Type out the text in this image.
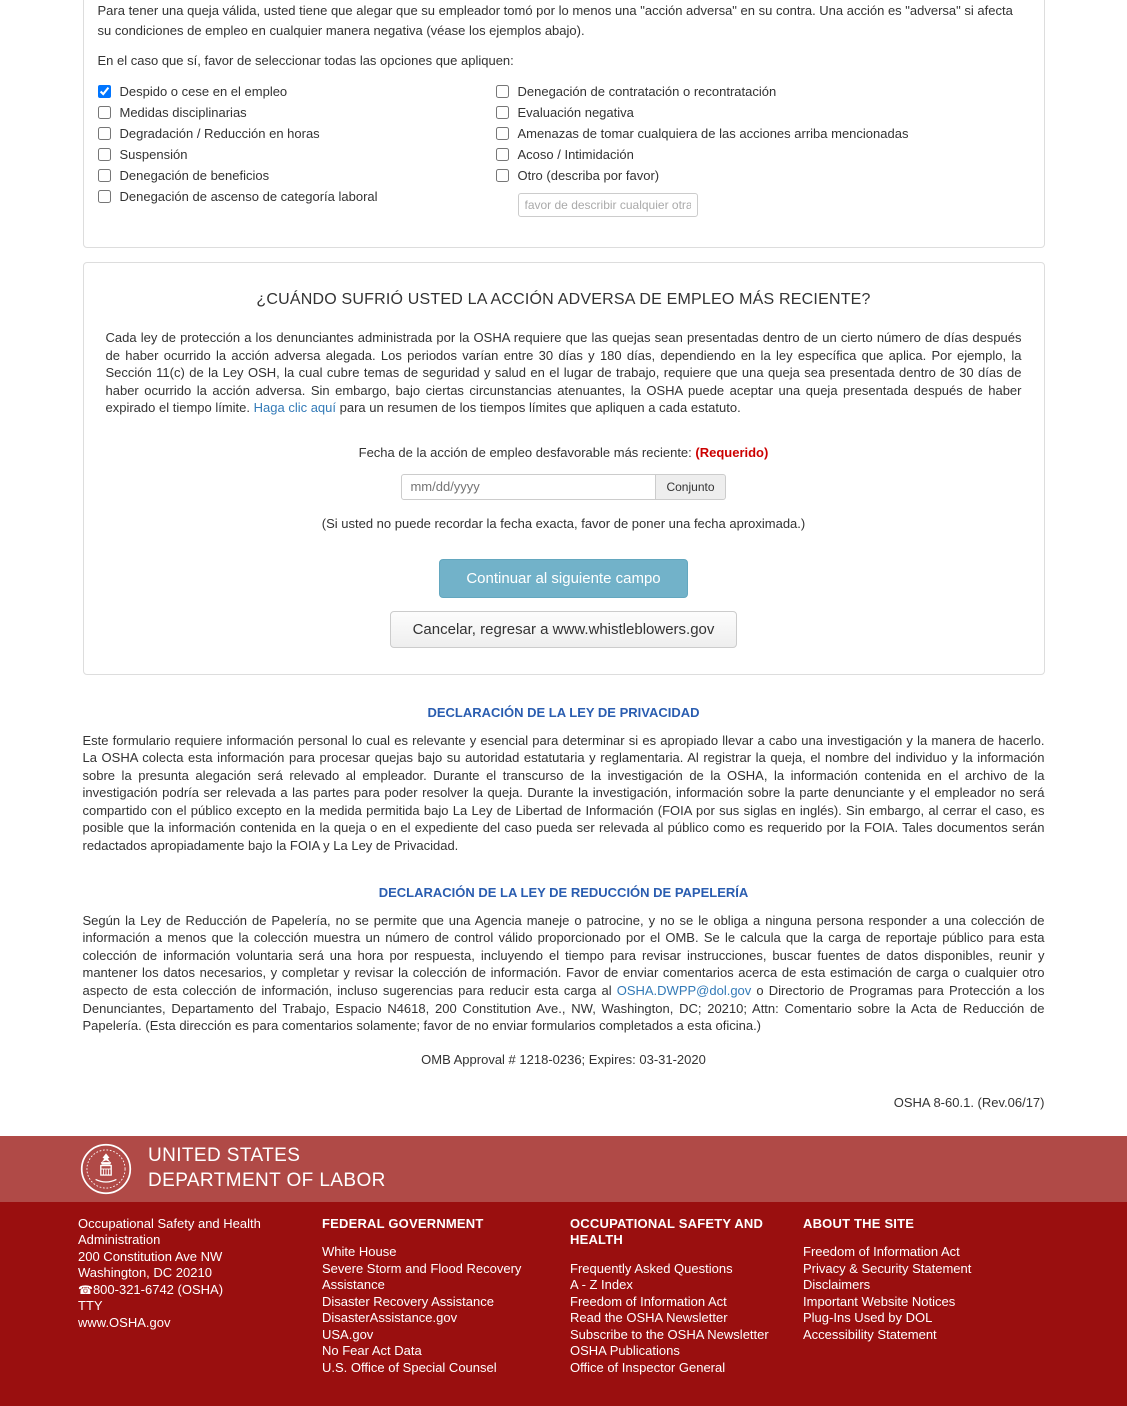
Para tener una queja válida, usted tiene que alegar que su empleador tomó por lo menos una "acción adversa" en su contra. Una acción es "adversa" si afecta su condiciones de empleo en cualquier manera negativa (véase los ejemplos abajo).

En el caso que sí, favor de seleccionar todas las opciones que apliquen:

Despido o cese en el empleo
Medidas disciplinarias
Degradación / Reducción en horas
Suspensión
Denegación de beneficios
Denegación de ascenso de categoría laboral
Denegación de contratación o recontratación
Evaluación negativa
Amenazas de tomar cualquiera de las acciones arriba mencionadas
Acoso / Intimidación
Otro (describa por favor)
favor de describir cualquier otra a
¿CUÁNDO SUFRIÓ USTED LA ACCIÓN ADVERSA DE EMPLEO MÁS RECIENTE?

Cada ley de protección a los denunciantes administrada por la OSHA requiere que las quejas sean presentadas dentro de un cierto número de días después de haber ocurrido la acción adversa alegada. Los periodos varían entre 30 días y 180 días, dependiendo en la ley específica que aplica. Por ejemplo, la Sección 11(c) de la Ley OSH, la cual cubre temas de seguridad y salud en el lugar de trabajo, requiere que una queja sea presentada dentro de 30 días de haber ocurrido la acción adversa. Sin embargo, bajo ciertas circunstancias atenuantes, la OSHA puede aceptar una queja presentada después de haber expirado el tiempo límite. Haga clic aquí para un resumen de los tiempos límites que apliquen a cada estatuto.

Fecha de la acción de empleo desfavorable más reciente: (Requerido)

mm/dd/yyyy
Conjunto

(Si usted no puede recordar la fecha exacta, favor de poner una fecha aproximada.)

Continuar al siguiente campo
Cancelar, regresar a www.whistleblowers.gov
DECLARACIÓN DE LA LEY DE PRIVACIDAD

Este formulario requiere información personal lo cual es relevante y esencial para determinar si es apropiado llevar a cabo una investigación y la manera de hacerlo. La OSHA colecta esta información para procesar quejas bajo su autoridad estatutaria y reglamentaria. Al registrar la queja, el nombre del individuo y la información sobre la presunta alegación será relevado al empleador. Durante el transcurso de la investigación de la OSHA, la información contenida en el archivo de la investigación podría ser relevada a las partes para poder resolver la queja. Durante la investigación, información sobre la parte denunciante y el empleador no será compartido con el público excepto en la medida permitida bajo La Ley de Libertad de Información (FOIA por sus siglas en inglés). Sin embargo, al cerrar el caso, es posible que la información contenida en la queja o en el expediente del caso pueda ser relevada al público como es requerido por la FOIA. Tales documentos serán redactados apropiadamente bajo la FOIA y La Ley de Privacidad.

DECLARACIÓN DE LA LEY DE REDUCCIÓN DE PAPELERÍA

Según la Ley de Reducción de Papelería, no se permite que una Agencia maneje o patrocine, y no se le obliga a ninguna persona responder a una colección de información a menos que la colección muestra un número de control válido proporcionado por el OMB. Se le calcula que la carga de reportaje público para esta colección de información voluntaria será una hora por respuesta, incluyendo el tiempo para revisar instrucciones, buscar fuentes de datos disponibles, reunir y mantener los datos necesarios, y completar y revisar la colección de información. Favor de enviar comentarios acerca de esta estimación de carga o cualquier otro aspecto de esta colección de información, incluso sugerencias para reducir esta carga al OSHA.DWPP@dol.gov o Directorio de Programas para Protección a los Denunciantes, Departamento del Trabajo, Espacio N4618, 200 Constitution Ave., NW, Washington, DC; 20210; Attn: Comentario sobre la Acta de Reducción de Papelería. (Esta dirección es para comentarios solamente; favor de no enviar formularios completados a esta oficina.)

OMB Approval # 1218-0236; Expires: 03-31-2020

OSHA 8-60.1. (Rev.06/17)

UNITED STATES
DEPARTMENT OF LABOR
Occupational Safety and Health Administration
200 Constitution Ave NW
Washington, DC 20210
☎800-321-6742 (OSHA)
TTY
www.OSHA.gov
FEDERAL GOVERNMENT
White House
Severe Storm and Flood Recovery Assistance
Disaster Recovery Assistance
DisasterAssistance.gov
USA.gov
No Fear Act Data
U.S. Office of Special Counsel
OCCUPATIONAL SAFETY AND HEALTH
Frequently Asked Questions
A - Z Index
Freedom of Information Act
Read the OSHA Newsletter
Subscribe to the OSHA Newsletter
OSHA Publications
Office of Inspector General
ABOUT THE SITE
Freedom of Information Act
Privacy & Security Statement
Disclaimers
Important Website Notices
Plug-Ins Used by DOL
Accessibility Statement
